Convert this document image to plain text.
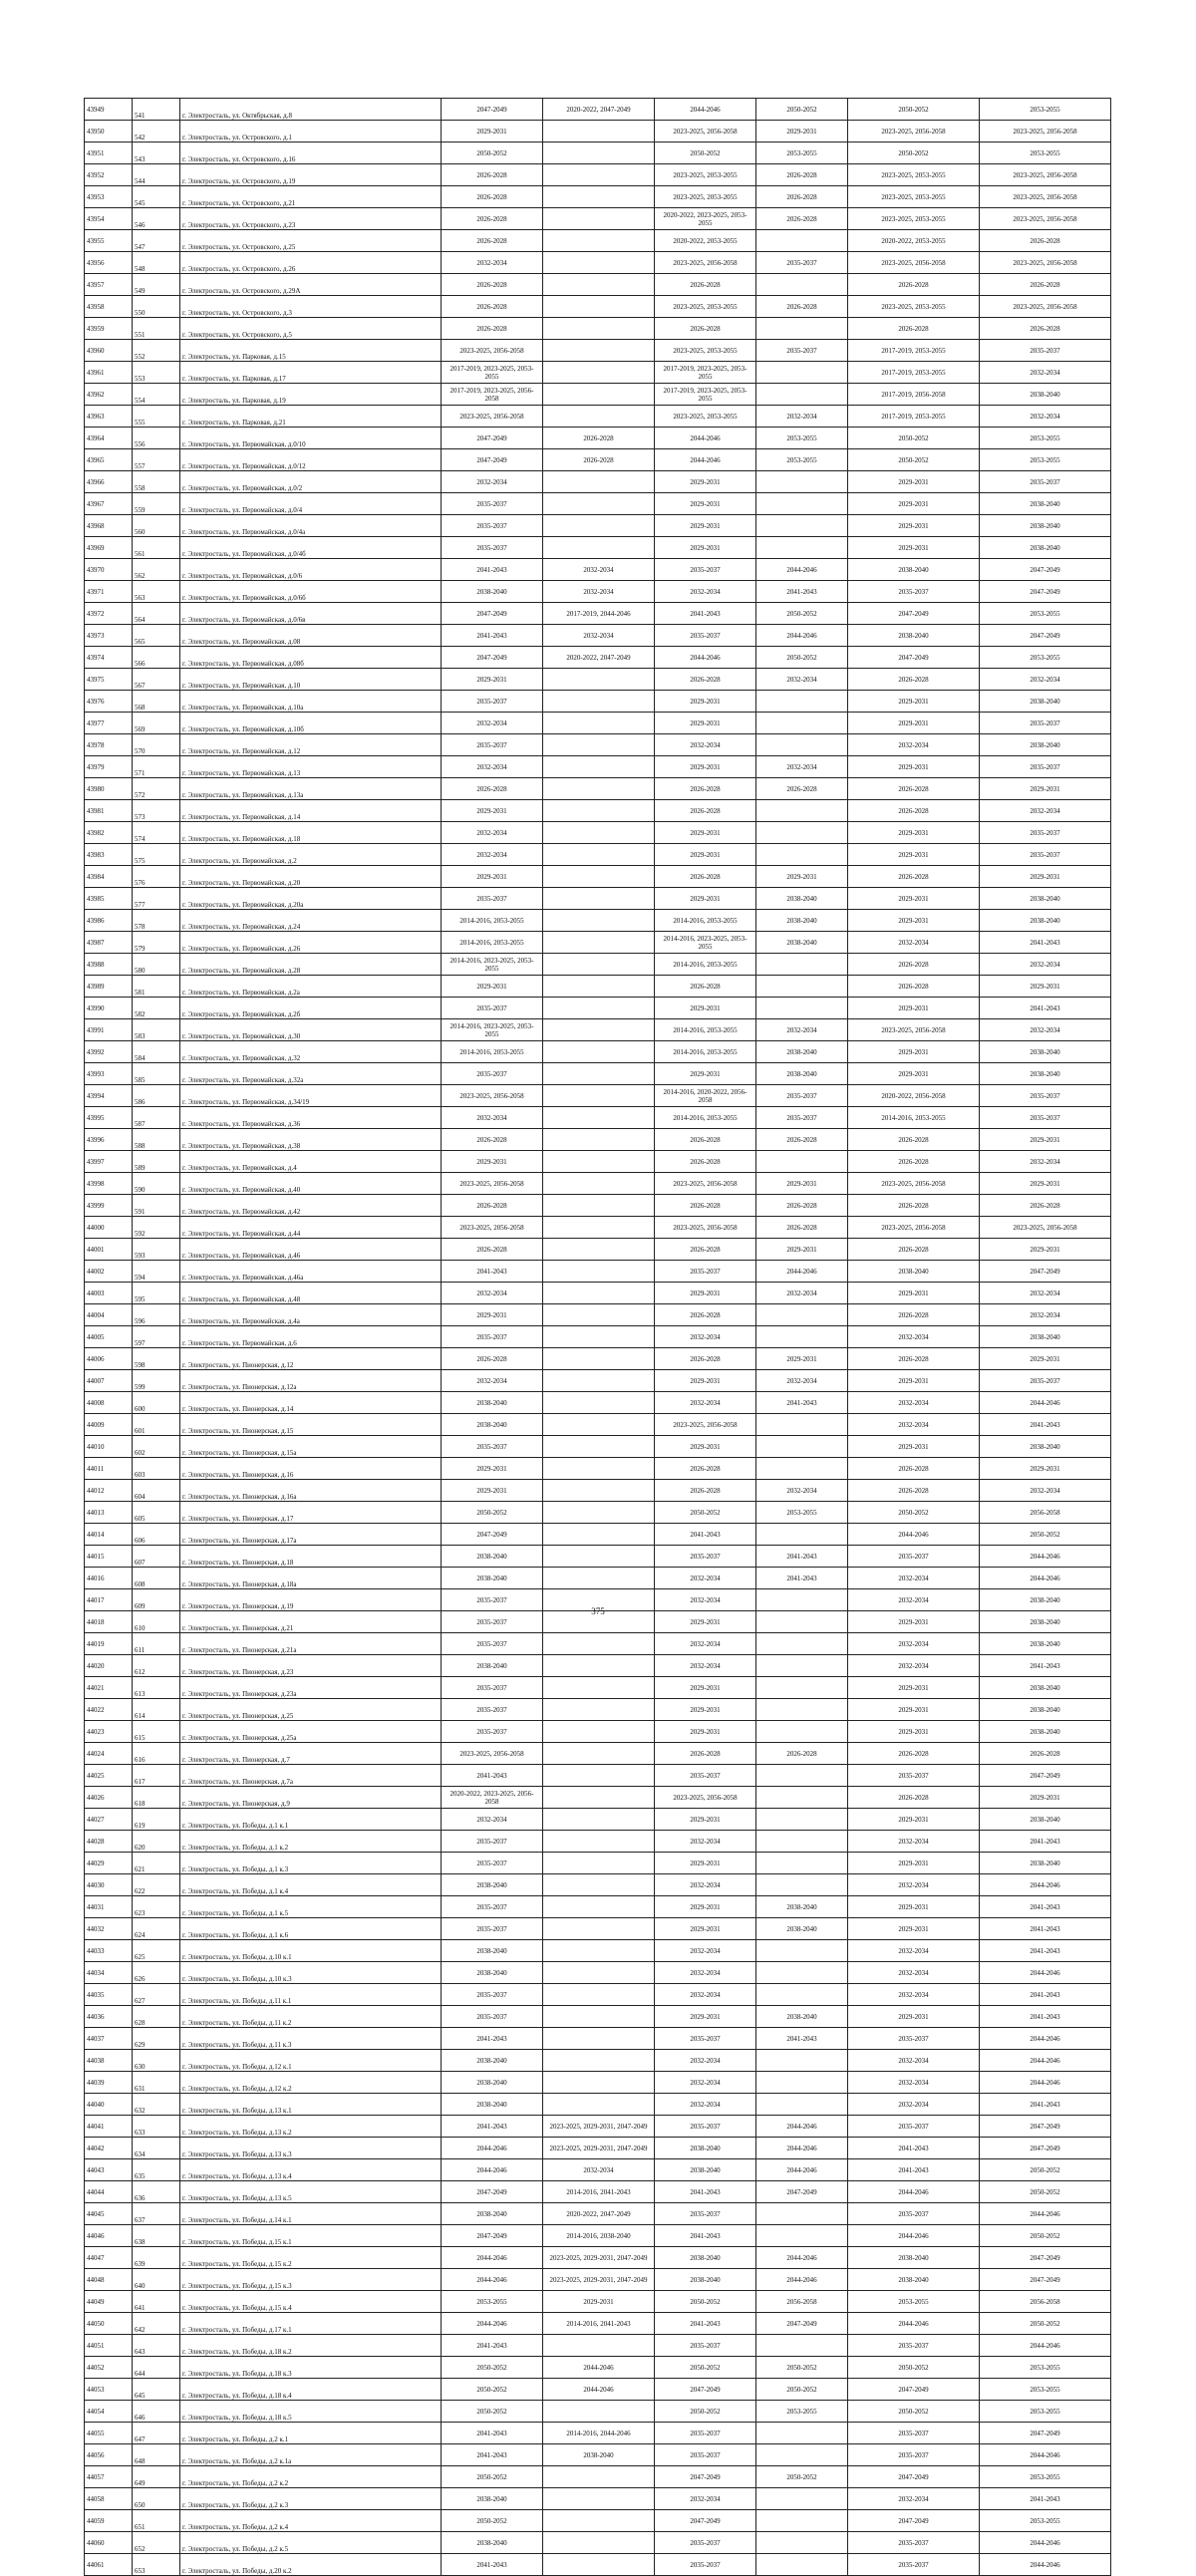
43949	541	г. Электросталь, ул. Октябрьская, д.8	2047-2049	2020-2022, 2047-2049	2044-2046	2050-2052	2050-2052	2053-2055
43950	542	г. Электросталь, ул. Островского, д.1	2029-2031		2023-2025, 2056-2058	2029-2031	2023-2025, 2056-2058	2023-2025, 2056-2058
43951	543	г. Электросталь, ул. Островского, д.16	2050-2052		2050-2052	2053-2055	2050-2052	2053-2055
43952	544	г. Электросталь, ул. Островского, д.19	2026-2028		2023-2025, 2053-2055	2026-2028	2023-2025, 2053-2055	2023-2025, 2056-2058
43953	545	г. Электросталь, ул. Островского, д.21	2026-2028		2023-2025, 2053-2055	2026-2028	2023-2025, 2053-2055	2023-2025, 2056-2058
43954	546	г. Электросталь, ул. Островского, д.23	2026-2028		2020-2022, 2023-2025, 2053-2055	2026-2028	2023-2025, 2053-2055	2023-2025, 2056-2058
43955	547	г. Электросталь, ул. Островского, д.25	2026-2028		2020-2022, 2053-2055		2020-2022, 2053-2055	2026-2028
43956	548	г. Электросталь, ул. Островского, д.26	2032-2034		2023-2025, 2056-2058	2035-2037	2023-2025, 2056-2058	2023-2025, 2056-2058
43957	549	г. Электросталь, ул. Островского, д.29А	2026-2028		2026-2028		2026-2028	2026-2028
43958	550	г. Электросталь, ул. Островского, д.3	2026-2028		2023-2025, 2053-2055	2026-2028	2023-2025, 2053-2055	2023-2025, 2056-2058
43959	551	г. Электросталь, ул. Островского, д.5	2026-2028		2026-2028		2026-2028	2026-2028
43960	552	г. Электросталь, ул. Парковая, д.15	2023-2025, 2056-2058		2023-2025, 2053-2055	2035-2037	2017-2019, 2053-2055	2035-2037
43961	553	г. Электросталь, ул. Парковая, д.17	2017-2019, 2023-2025, 2053-2055		2017-2019, 2023-2025, 2053-2055		2017-2019, 2053-2055	2032-2034
43962	554	г. Электросталь, ул. Парковая, д.19	2017-2019, 2023-2025, 2056-2058		2017-2019, 2023-2025, 2053-2055		2017-2019, 2056-2058	2038-2040
43963	555	г. Электросталь, ул. Парковая, д.21	2023-2025, 2056-2058		2023-2025, 2053-2055	2032-2034	2017-2019, 2053-2055	2032-2034
43964	556	г. Электросталь, ул. Первомайская, д.0/10	2047-2049	2026-2028	2044-2046	2053-2055	2050-2052	2053-2055
43965	557	г. Электросталь, ул. Первомайская, д.0/12	2047-2049	2026-2028	2044-2046	2053-2055	2050-2052	2053-2055
43966	558	г. Электросталь, ул. Первомайская, д.0/2	2032-2034		2029-2031		2029-2031	2035-2037
43967	559	г. Электросталь, ул. Первомайская, д.0/4	2035-2037		2029-2031		2029-2031	2038-2040
43968	560	г. Электросталь, ул. Первомайская, д.0/4а	2035-2037		2029-2031		2029-2031	2038-2040
43969	561	г. Электросталь, ул. Первомайская, д.0/4б	2035-2037		2029-2031		2029-2031	2038-2040
43970	562	г. Электросталь, ул. Первомайская, д.0/6	2041-2043	2032-2034	2035-2037	2044-2046	2038-2040	2047-2049
43971	563	г. Электросталь, ул. Первомайская, д.0/6б	2038-2040	2032-2034	2032-2034	2041-2043	2035-2037	2047-2049
43972	564	г. Электросталь, ул. Первомайская, д.0/6в	2047-2049	2017-2019, 2044-2046	2041-2043	2050-2052	2047-2049	2053-2055
43973	565	г. Электросталь, ул. Первомайская, д.08	2041-2043	2032-2034	2035-2037	2044-2046	2038-2040	2047-2049
43974	566	г. Электросталь, ул. Первомайская, д.08б	2047-2049	2020-2022, 2047-2049	2044-2046	2050-2052	2047-2049	2053-2055
43975	567	г. Электросталь, ул. Первомайская, д.10	2029-2031		2026-2028	2032-2034	2026-2028	2032-2034
43976	568	г. Электросталь, ул. Первомайская, д.10а	2035-2037		2029-2031		2029-2031	2038-2040
43977	569	г. Электросталь, ул. Первомайская, д.10б	2032-2034		2029-2031		2029-2031	2035-2037
43978	570	г. Электросталь, ул. Первомайская, д.12	2035-2037		2032-2034		2032-2034	2038-2040
43979	571	г. Электросталь, ул. Первомайская, д.13	2032-2034		2029-2031	2032-2034	2029-2031	2035-2037
43980	572	г. Электросталь, ул. Первомайская, д.13а	2026-2028		2026-2028	2026-2028	2026-2028	2029-2031
43981	573	г. Электросталь, ул. Первомайская, д.14	2029-2031		2026-2028		2026-2028	2032-2034
43982	574	г. Электросталь, ул. Первомайская, д.18	2032-2034		2029-2031		2029-2031	2035-2037
43983	575	г. Электросталь, ул. Первомайская, д.2	2032-2034		2029-2031		2029-2031	2035-2037
43984	576	г. Электросталь, ул. Первомайская, д.20	2029-2031		2026-2028	2029-2031	2026-2028	2029-2031
43985	577	г. Электросталь, ул. Первомайская, д.20а	2035-2037		2029-2031	2038-2040	2029-2031	2038-2040
43986	578	г. Электросталь, ул. Первомайская, д.24	2014-2016, 2053-2055		2014-2016, 2053-2055	2038-2040	2029-2031	2038-2040
43987	579	г. Электросталь, ул. Первомайская, д.26	2014-2016, 2053-2055		2014-2016, 2023-2025, 2053-2055	2038-2040	2032-2034	2041-2043
43988	580	г. Электросталь, ул. Первомайская, д.28	2014-2016, 2023-2025, 2053-2055		2014-2016, 2053-2055		2026-2028	2032-2034
43989	581	г. Электросталь, ул. Первомайская, д.2а	2029-2031		2026-2028		2026-2028	2029-2031
43990	582	г. Электросталь, ул. Первомайская, д.2б	2035-2037		2029-2031		2029-2031	2041-2043
43991	583	г. Электросталь, ул. Первомайская, д.30	2014-2016, 2023-2025, 2053-2055		2014-2016, 2053-2055	2032-2034	2023-2025, 2056-2058	2032-2034
43992	584	г. Электросталь, ул. Первомайская, д.32	2014-2016, 2053-2055		2014-2016, 2053-2055	2038-2040	2029-2031	2038-2040
43993	585	г. Электросталь, ул. Первомайская, д.32а	2035-2037		2029-2031	2038-2040	2029-2031	2038-2040
43994	586	г. Электросталь, ул. Первомайская, д.34/19	2023-2025, 2056-2058		2014-2016, 2020-2022, 2056-2058	2035-2037	2020-2022, 2056-2058	2035-2037
43995	587	г. Электросталь, ул. Первомайская, д.36	2032-2034		2014-2016, 2053-2055	2035-2037	2014-2016, 2053-2055	2035-2037
43996	588	г. Электросталь, ул. Первомайская, д.38	2026-2028		2026-2028	2026-2028	2026-2028	2029-2031
43997	589	г. Электросталь, ул. Первомайская, д.4	2029-2031		2026-2028		2026-2028	2032-2034
43998	590	г. Электросталь, ул. Первомайская, д.40	2023-2025, 2056-2058		2023-2025, 2056-2058	2029-2031	2023-2025, 2056-2058	2029-2031
43999	591	г. Электросталь, ул. Первомайская, д.42	2026-2028		2026-2028	2026-2028	2026-2028	2026-2028
44000	592	г. Электросталь, ул. Первомайская, д.44	2023-2025, 2056-2058		2023-2025, 2056-2058	2026-2028	2023-2025, 2056-2058	2023-2025, 2056-2058
44001	593	г. Электросталь, ул. Первомайская, д.46	2026-2028		2026-2028	2029-2031	2026-2028	2029-2031
44002	594	г. Электросталь, ул. Первомайская, д.46а	2041-2043		2035-2037	2044-2046	2038-2040	2047-2049
44003	595	г. Электросталь, ул. Первомайская, д.48	2032-2034		2029-2031	2032-2034	2029-2031	2032-2034
44004	596	г. Электросталь, ул. Первомайская, д.4а	2029-2031		2026-2028		2026-2028	2032-2034
44005	597	г. Электросталь, ул. Первомайская, д.6	2035-2037		2032-2034		2032-2034	2038-2040
44006	598	г. Электросталь, ул. Пионерская, д.12	2026-2028		2026-2028	2029-2031	2026-2028	2029-2031
44007	599	г. Электросталь, ул. Пионерская, д.12а	2032-2034		2029-2031	2032-2034	2029-2031	2035-2037
44008	600	г. Электросталь, ул. Пионерская, д.14	2038-2040		2032-2034	2041-2043	2032-2034	2044-2046
44009	601	г. Электросталь, ул. Пионерская, д.15	2038-2040		2023-2025, 2056-2058		2032-2034	2041-2043
44010	602	г. Электросталь, ул. Пионерская, д.15а	2035-2037		2029-2031		2029-2031	2038-2040
44011	603	г. Электросталь, ул. Пионерская, д.16	2029-2031		2026-2028		2026-2028	2029-2031
44012	604	г. Электросталь, ул. Пионерская, д.16а	2029-2031		2026-2028	2032-2034	2026-2028	2032-2034
44013	605	г. Электросталь, ул. Пионерская, д.17	2050-2052		2050-2052	2053-2055	2050-2052	2056-2058
44014	606	г. Электросталь, ул. Пионерская, д.17а	2047-2049		2041-2043		2044-2046	2050-2052
44015	607	г. Электросталь, ул. Пионерская, д.18	2038-2040		2035-2037	2041-2043	2035-2037	2044-2046
44016	608	г. Электросталь, ул. Пионерская, д.18а	2038-2040		2032-2034	2041-2043	2032-2034	2044-2046
44017	609	г. Электросталь, ул. Пионерская, д.19	2035-2037		2032-2034		2032-2034	2038-2040
44018	610	г. Электросталь, ул. Пионерская, д.21	2035-2037		2029-2031		2029-2031	2038-2040
44019	611	г. Электросталь, ул. Пионерская, д.21а	2035-2037		2032-2034		2032-2034	2038-2040
44020	612	г. Электросталь, ул. Пионерская, д.23	2038-2040		2032-2034		2032-2034	2041-2043
44021	613	г. Электросталь, ул. Пионерская, д.23а	2035-2037		2029-2031		2029-2031	2038-2040
44022	614	г. Электросталь, ул. Пионерская, д.25	2035-2037		2029-2031		2029-2031	2038-2040
44023	615	г. Электросталь, ул. Пионерская, д.25а	2035-2037		2029-2031		2029-2031	2038-2040
44024	616	г. Электросталь, ул. Пионерская, д.7	2023-2025, 2056-2058		2026-2028	2026-2028	2026-2028	2026-2028
44025	617	г. Электросталь, ул. Пионерская, д.7а	2041-2043		2035-2037		2035-2037	2047-2049
44026	618	г. Электросталь, ул. Пионерская, д.9	2020-2022, 2023-2025, 2056-2058		2023-2025, 2056-2058		2026-2028	2029-2031
44027	619	г. Электросталь, ул. Победы, д.1 к.1	2032-2034		2029-2031		2029-2031	2038-2040
44028	620	г. Электросталь, ул. Победы, д.1 к.2	2035-2037		2032-2034		2032-2034	2041-2043
44029	621	г. Электросталь, ул. Победы, д.1 к.3	2035-2037		2029-2031		2029-2031	2038-2040
44030	622	г. Электросталь, ул. Победы, д.1 к.4	2038-2040		2032-2034		2032-2034	2044-2046
44031	623	г. Электросталь, ул. Победы, д.1 к.5	2035-2037		2029-2031	2038-2040	2029-2031	2041-2043
44032	624	г. Электросталь, ул. Победы, д.1 к.6	2035-2037		2029-2031	2038-2040	2029-2031	2041-2043
44033	625	г. Электросталь, ул. Победы, д.10 к.1	2038-2040		2032-2034		2032-2034	2041-2043
44034	626	г. Электросталь, ул. Победы, д.10 к.3	2038-2040		2032-2034		2032-2034	2044-2046
44035	627	г. Электросталь, ул. Победы, д.11 к.1	2035-2037		2032-2034		2032-2034	2041-2043
44036	628	г. Электросталь, ул. Победы, д.11 к.2	2035-2037		2029-2031	2038-2040	2029-2031	2041-2043
44037	629	г. Электросталь, ул. Победы, д.11 к.3	2041-2043		2035-2037	2041-2043	2035-2037	2044-2046
44038	630	г. Электросталь, ул. Победы, д.12 к.1	2038-2040		2032-2034		2032-2034	2044-2046
44039	631	г. Электросталь, ул. Победы, д.12 к.2	2038-2040		2032-2034		2032-2034	2044-2046
44040	632	г. Электросталь, ул. Победы, д.13 к.1	2038-2040		2032-2034		2032-2034	2041-2043
44041	633	г. Электросталь, ул. Победы, д.13 к.2	2041-2043	2023-2025, 2029-2031, 2047-2049	2035-2037	2044-2046	2035-2037	2047-2049
44042	634	г. Электросталь, ул. Победы, д.13 к.3	2044-2046	2023-2025, 2029-2031, 2047-2049	2038-2040	2044-2046	2041-2043	2047-2049
44043	635	г. Электросталь, ул. Победы, д.13 к.4	2044-2046	2032-2034	2038-2040	2044-2046	2041-2043	2050-2052
44044	636	г. Электросталь, ул. Победы, д.13 к.5	2047-2049	2014-2016, 2041-2043	2041-2043	2047-2049	2044-2046	2050-2052
44045	637	г. Электросталь, ул. Победы, д.14 к.1	2038-2040	2020-2022, 2047-2049	2035-2037		2035-2037	2044-2046
44046	638	г. Электросталь, ул. Победы, д.15 к.1	2047-2049	2014-2016, 2038-2040	2041-2043		2044-2046	2050-2052
44047	639	г. Электросталь, ул. Победы, д.15 к.2	2044-2046	2023-2025, 2029-2031, 2047-2049	2038-2040	2044-2046	2038-2040	2047-2049
44048	640	г. Электросталь, ул. Победы, д.15 к.3	2044-2046	2023-2025, 2029-2031, 2047-2049	2038-2040	2044-2046	2038-2040	2047-2049
44049	641	г. Электросталь, ул. Победы, д.15 к.4	2053-2055	2029-2031	2050-2052	2056-2058	2053-2055	2056-2058
44050	642	г. Электросталь, ул. Победы, д.17 к.1	2044-2046	2014-2016, 2041-2043	2041-2043	2047-2049	2044-2046	2050-2052
44051	643	г. Электросталь, ул. Победы, д.18 к.2	2041-2043		2035-2037		2035-2037	2044-2046
44052	644	г. Электросталь, ул. Победы, д.18 к.3	2050-2052	2044-2046	2050-2052	2050-2052	2050-2052	2053-2055
44053	645	г. Электросталь, ул. Победы, д.18 к.4	2050-2052	2044-2046	2047-2049	2050-2052	2047-2049	2053-2055
44054	646	г. Электросталь, ул. Победы, д.18 к.5	2050-2052		2050-2052	2053-2055	2050-2052	2053-2055
44055	647	г. Электросталь, ул. Победы, д.2 к.1	2041-2043	2014-2016, 2044-2046	2035-2037		2035-2037	2047-2049
44056	648	г. Электросталь, ул. Победы, д.2 к.1а	2041-2043	2038-2040	2035-2037		2035-2037	2044-2046
44057	649	г. Электросталь, ул. Победы, д.2 к.2	2050-2052		2047-2049	2050-2052	2047-2049	2053-2055
44058	650	г. Электросталь, ул. Победы, д.2 к.3	2038-2040		2032-2034		2032-2034	2041-2043
44059	651	г. Электросталь, ул. Победы, д.2 к.4	2050-2052		2047-2049		2047-2049	2053-2055
44060	652	г. Электросталь, ул. Победы, д.2 к.5	2038-2040		2035-2037		2035-2037	2044-2046
44061	653	г. Электросталь, ул. Победы, д.20 к.2	2041-2043		2035-2037		2035-2037	2044-2046
375
